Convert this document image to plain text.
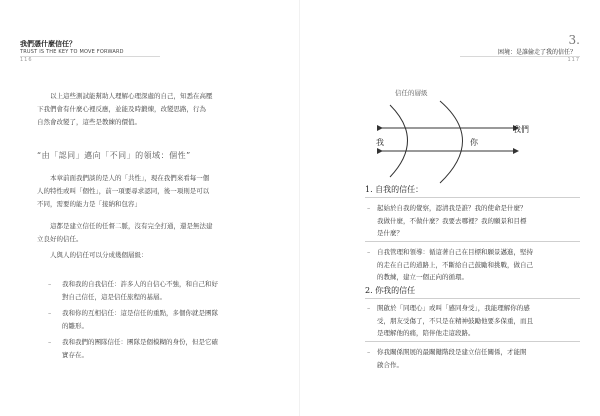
我們憑什麼信任？
TRUST IS THE KEY TO MOVE FORWARD
116
以上這些測試能幫助人理解心理深處的自己，知悉在高壓
下我們會有什麼心裡反應，並能及時鍛煉，改變思路，行為
自然會改變了，這些是教練的價值。
“由「認同」邁向「不同」的領域：個性”
本章前面我們談的是人的「共性」，現在我們來看每一個
人的特性或叫「個性」，前一項要尋求認同，後一項則是可以
不同，需要的能力是「接納和包容」
這都是建立信任的任督二脈，沒有完全打通，還是無法建
立良好的信任。
人與人的信任可以分成幾個層級：
– 我和我的自我信任：許多人的自信心不強，和自己和好
對自己信任，這是信任旅程的基層。
– 我和你的互相信任：這是信任的重點，多個你就是團隊
的雛形。
– 我和我們的團隊信任：團隊是個模糊的身份，但是它確
實存在。
3.
困境：是誰偷走了我的信任？
117
信任的層級
我	你
我們
1. 自我的信任：
– 起始於自我的覺察，認清我是誰？我的使命是什麼？
我做什麼，不做什麼？我要去哪裡？我的願景和目標
是什麼？
– 自我管理和領導：循這著自己在目標和願景邁進，堅持
的走在自己的道路上，不斷給自己鼓勵和挑戰，做自己
的教練，建立一個正向的循環。
2. 你我的信任
– 開啟於「同理心」或叫「感同身受」，我能理解你的感
受，朋友受傷了，不只是在精神鼓勵他要多保重，而且
是理解他的痛，陪伴他走這段路。
– 你我關係開展的最關鍵階段是建立信任關係，才能開
啟合作。
